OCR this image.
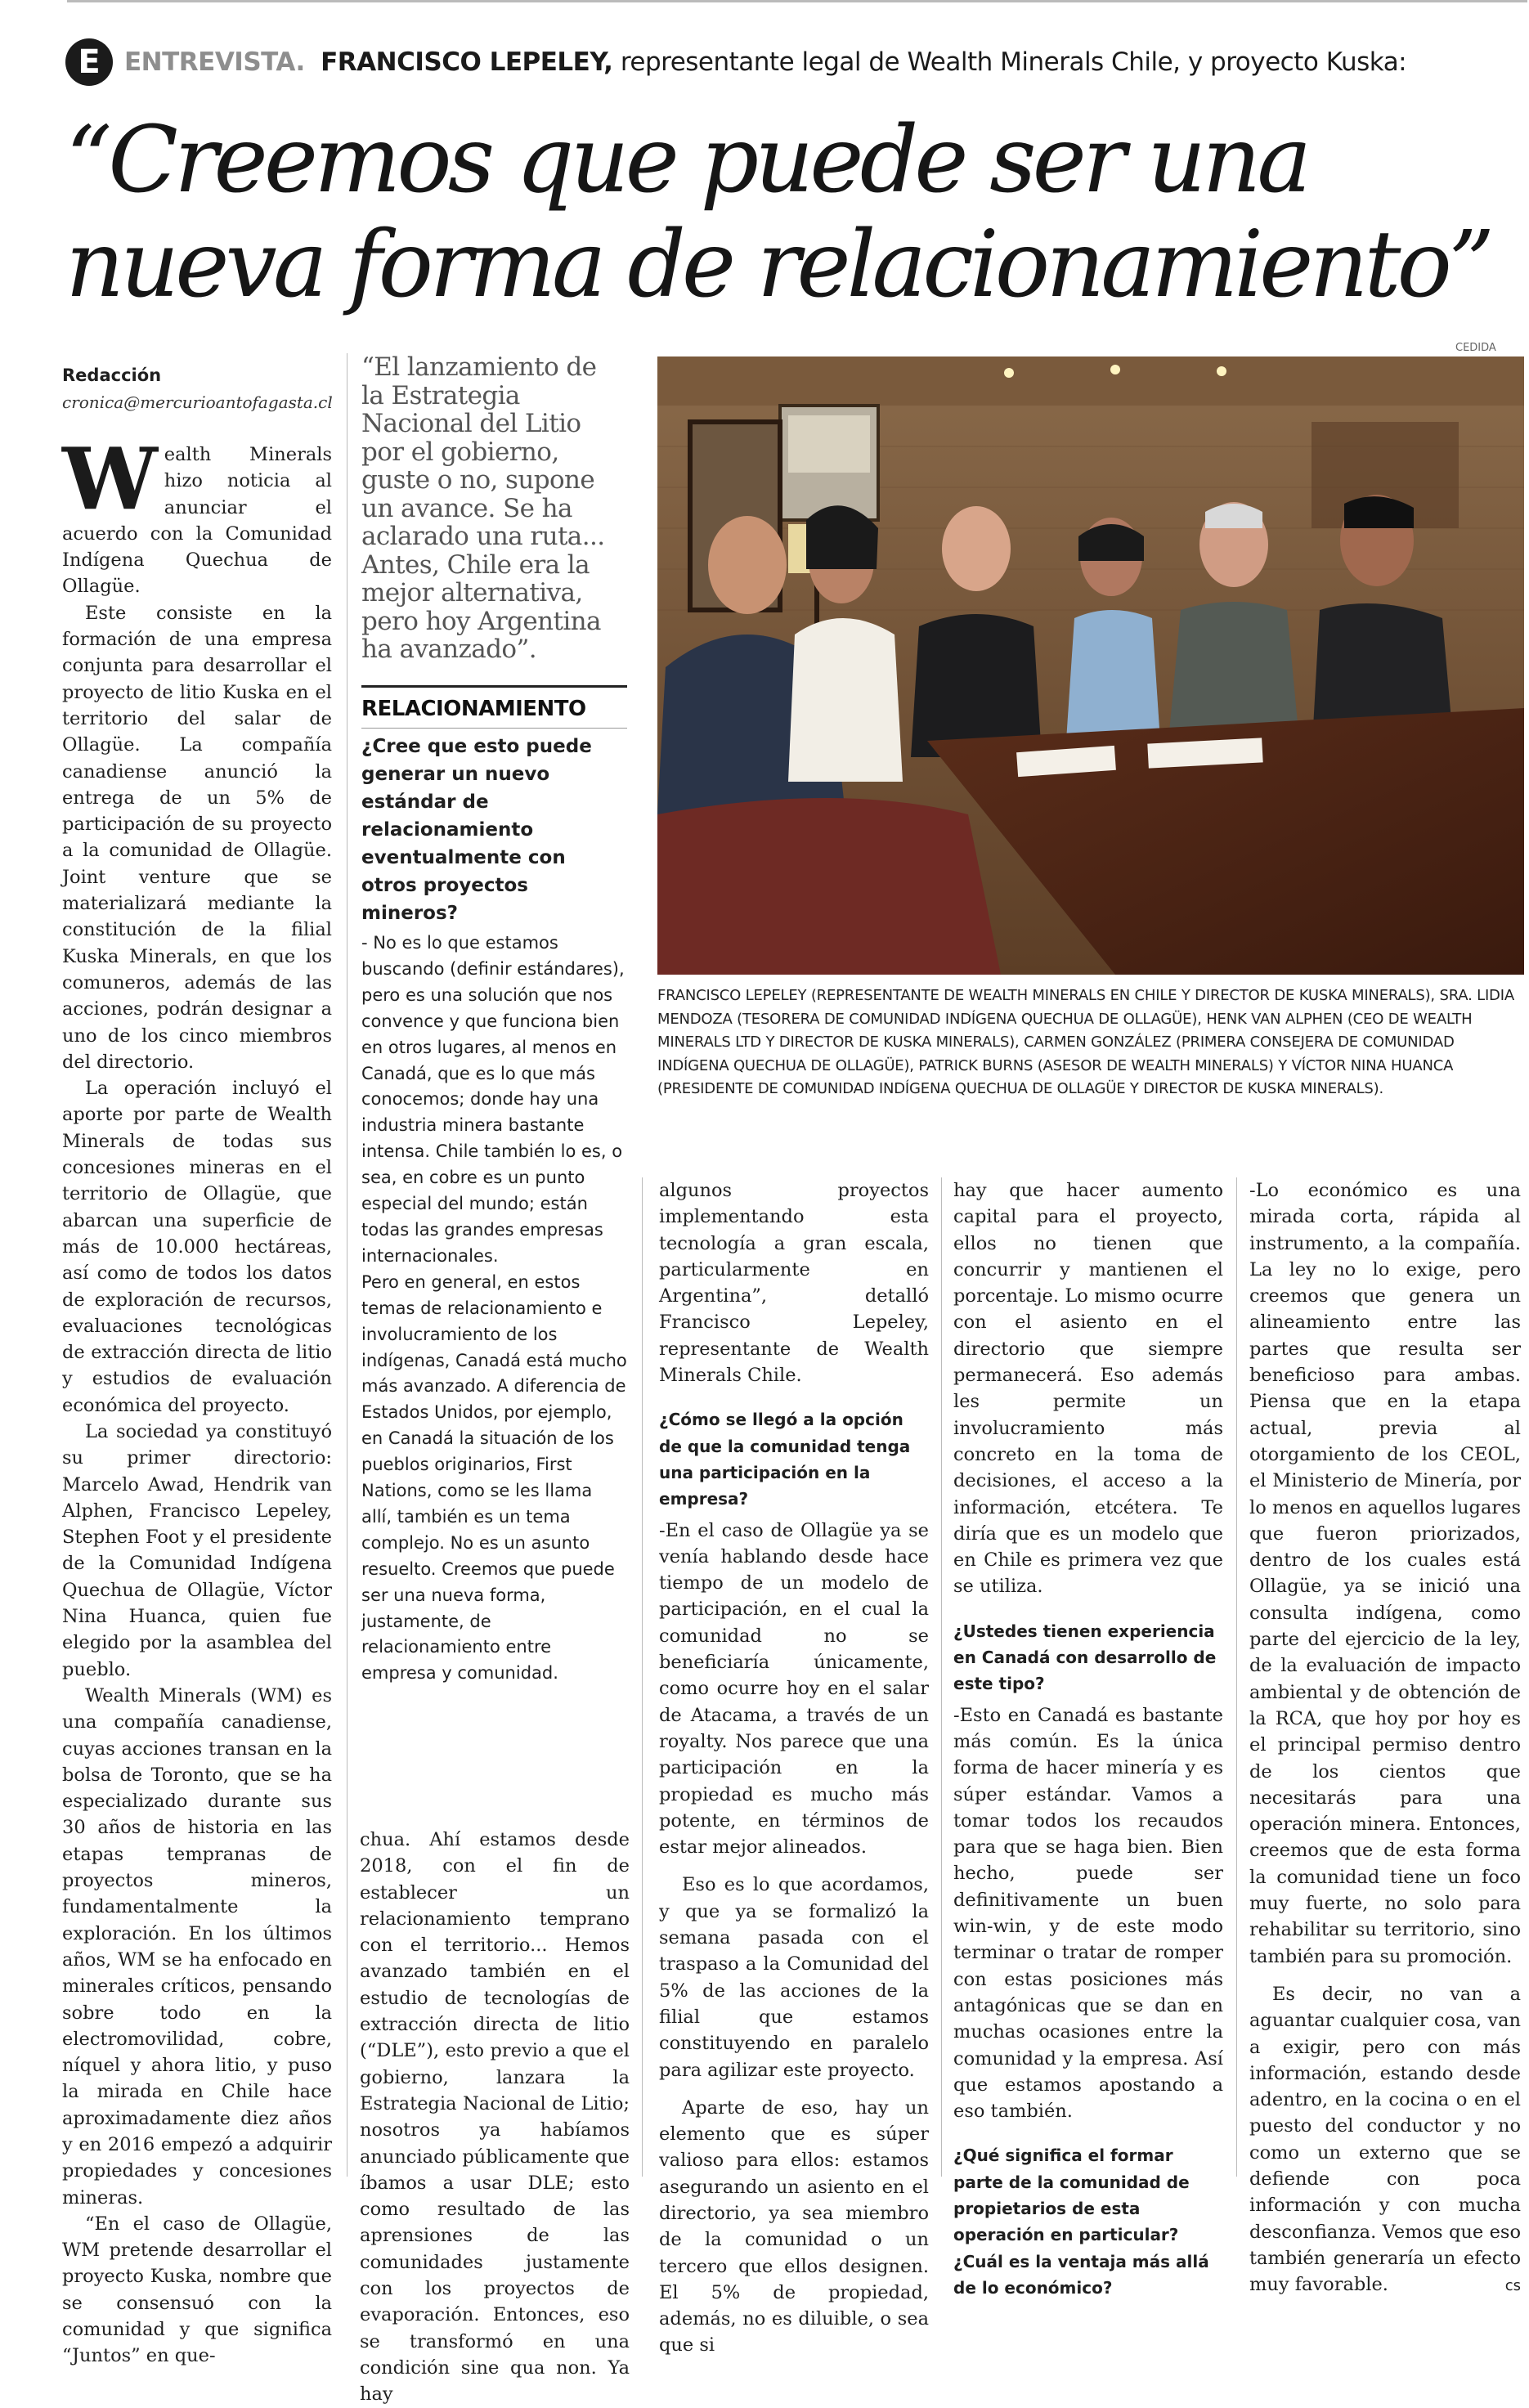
E ENTREVISTA. FRANCISCO LEPELEY, representante legal de Wealth Minerals Chile, y proyecto Kuska:
“Creemos que puede ser una
nueva forma de relacionamiento”
Redacción
cronica@mercurioantofagasta.cl

Wealth Minerals hizo noticia al anunciar el acuerdo con la Comunidad Indígena Quechua de Ollagüe.

Este consiste en la formación de una empresa conjunta para desarrollar el proyecto de litio Kuska en el territorio del salar de Ollagüe. La compañía canadiense anunció la entrega de un 5% de participación de su proyecto a la comunidad de Ollagüe. Joint venture que se materializará mediante la constitución de la filial Kuska Minerals, en que los comuneros, además de las acciones, podrán designar a uno de los cinco miembros del directorio.

La operación incluyó el aporte por parte de Wealth Minerals de todas sus concesiones mineras en el territorio de Ollagüe, que abarcan una superficie de más de 10.000 hectáreas, así como de todos los datos de exploración de recursos, evaluaciones tecnológicas de extracción directa de litio y estudios de evaluación económica del proyecto.

La sociedad ya constituyó su primer directorio: Marcelo Awad, Hendrik van Alphen, Francisco Lepeley, Stephen Foot y el presidente de la Comunidad Indígena Quechua de Ollagüe, Víctor Nina Huanca, quien fue elegido por la asamblea del pueblo.

Wealth Minerals (WM) es una compañía canadiense, cuyas acciones transan en la bolsa de Toronto, que se ha especializado durante sus 30 años de historia en las etapas tempranas de proyectos mineros, fundamentalmente la exploración. En los últimos años, WM se ha enfocado en minerales críticos, pensando sobre todo en la electromovilidad, cobre, níquel y ahora litio, y puso la mirada en Chile hace aproximadamente diez años y en 2016 empezó a adquirir propiedades y concesiones mineras.

“En el caso de Ollagüe, WM pretende desarrollar el proyecto Kuska, nombre que se consensuó con la comunidad y que significa “Juntos” en que-

“El lanzamiento de la Estrategia Nacional del Litio por el gobierno, guste o no, supone un avance. Se ha aclarado una ruta... Antes, Chile era la mejor alternativa, pero hoy Argentina ha avanzado”.
RELACIONAMIENTO

¿Cree que esto puede generar un nuevo estándar de relacionamiento eventualmente con otros proyectos mineros?

- No es lo que estamos buscando (definir estándares), pero es una solución que nos convence y que funciona bien en otros lugares, al menos en Canadá, que es lo que más conocemos; donde hay una industria minera bastante intensa. Chile también lo es, o sea, en cobre es un punto especial del mundo; están todas las grandes empresas internacionales.

Pero en general, en estos temas de relacionamiento e involucramiento de los indígenas, Canadá está mucho más avanzado. A diferencia de Estados Unidos, por ejemplo, en Canadá la situación de los pueblos originarios, First Nations, como se les llama allí, también es un tema complejo. No es un asunto resuelto. Creemos que puede ser una nueva forma, justamente, de relacionamiento entre empresa y comunidad.

chua. Ahí estamos desde 2018, con el fin de establecer un relacionamiento temprano con el territorio... Hemos avanzado también en el estudio de tecnologías de extracción directa de litio (“DLE”), esto previo a que el gobierno, lanzara la Estrategia Nacional de Litio; nosotros ya habíamos anunciado públicamente que íbamos a usar DLE; esto como resultado de las aprensiones de las comunidades justamente con los proyectos de evaporación. Entonces, eso se transformó en una condición sine qua non. Ya hay

CEDIDA
FRANCISCO LEPELEY (REPRESENTANTE DE WEALTH MINERALS EN CHILE Y DIRECTOR DE KUSKA MINERALS), SRA. LIDIA MENDOZA (TESORERA DE COMUNIDAD INDÍGENA QUECHUA DE OLLAGÜE), HENK VAN ALPHEN (CEO DE WEALTH MINERALS LTD Y DIRECTOR DE KUSKA MINERALS), CARMEN GONZÁLEZ (PRIMERA CONSEJERA DE COMUNIDAD INDÍGENA QUECHUA DE OLLAGÜE), PATRICK BURNS (ASESOR DE WEALTH MINERALS) Y VÍCTOR NINA HUANCA (PRESIDENTE DE COMUNIDAD INDÍGENA QUECHUA DE OLLAGÜE Y DIRECTOR DE KUSKA MINERALS).

algunos proyectos implementando esta tecnología a gran escala, particularmente en Argentina”, detalló Francisco Lepeley, representante de Wealth Minerals Chile.

¿Cómo se llegó a la opción de que la comunidad tenga una participación en la empresa?

-En el caso de Ollagüe ya se venía hablando desde hace tiempo de un modelo de participación, en el cual la comunidad no se beneficiaría únicamente, como ocurre hoy en el salar de Atacama, a través de un royalty. Nos parece que una participación en la propiedad es mucho más potente, en términos de estar mejor alineados.

Eso es lo que acordamos, y que ya se formalizó la semana pasada con el traspaso a la Comunidad del 5% de las acciones de la filial que estamos constituyendo en paralelo para agilizar este proyecto.

Aparte de eso, hay un elemento que es súper valioso para ellos: estamos asegurando un asiento en el directorio, ya sea miembro de la comunidad o un tercero que ellos designen. El 5% de propiedad, además, no es diluible, o sea que si

hay que hacer aumento capital para el proyecto, ellos no tienen que concurrir y mantienen el porcentaje. Lo mismo ocurre con el asiento en el directorio que siempre permanecerá. Eso además les permite un involucramiento más concreto en la toma de decisiones, el acceso a la información, etcétera. Te diría que es un modelo que en Chile es primera vez que se utiliza.

¿Ustedes tienen experiencia en Canadá con desarrollo de este tipo?

-Esto en Canadá es bastante más común. Es la única forma de hacer minería y es súper estándar. Vamos a tomar todos los recaudos para que se haga bien. Bien hecho, puede ser definitivamente un buen win-win, y de este modo terminar o tratar de romper con estas posiciones más antagónicas que se dan en muchas ocasiones entre la comunidad y la empresa. Así que estamos apostando a eso también.

¿Qué significa el formar parte de la comunidad de propietarios de esta operación en particular? ¿Cuál es la ventaja más allá de lo económico?

-Lo económico es una mirada corta, rápida al instrumento, a la compañía. La ley no lo exige, pero creemos que genera un alineamiento entre las partes que resulta ser beneficioso para ambas. Piensa que en la etapa actual, previa al otorgamiento de los CEOL, el Ministerio de Minería, por lo menos en aquellos lugares que fueron priorizados, dentro de los cuales está Ollagüe, ya se inició una consulta indígena, como parte del ejercicio de la ley, de la evaluación de impacto ambiental y de obtención de la RCA, que hoy por hoy es el principal permiso dentro de los cientos que necesitarás para una operación minera. Entonces, creemos que de esta forma la comunidad tiene un foco muy fuerte, no solo para rehabilitar su territorio, sino también para su promoción.

Es decir, no van a aguantar cualquier cosa, van a exigir, pero con más información, estando desde adentro, en la cocina o en el puesto del conductor y no como un externo que se defiende con poca información y con mucha desconfianza. Vemos que eso también generaría un efecto muy favorable.	cs
